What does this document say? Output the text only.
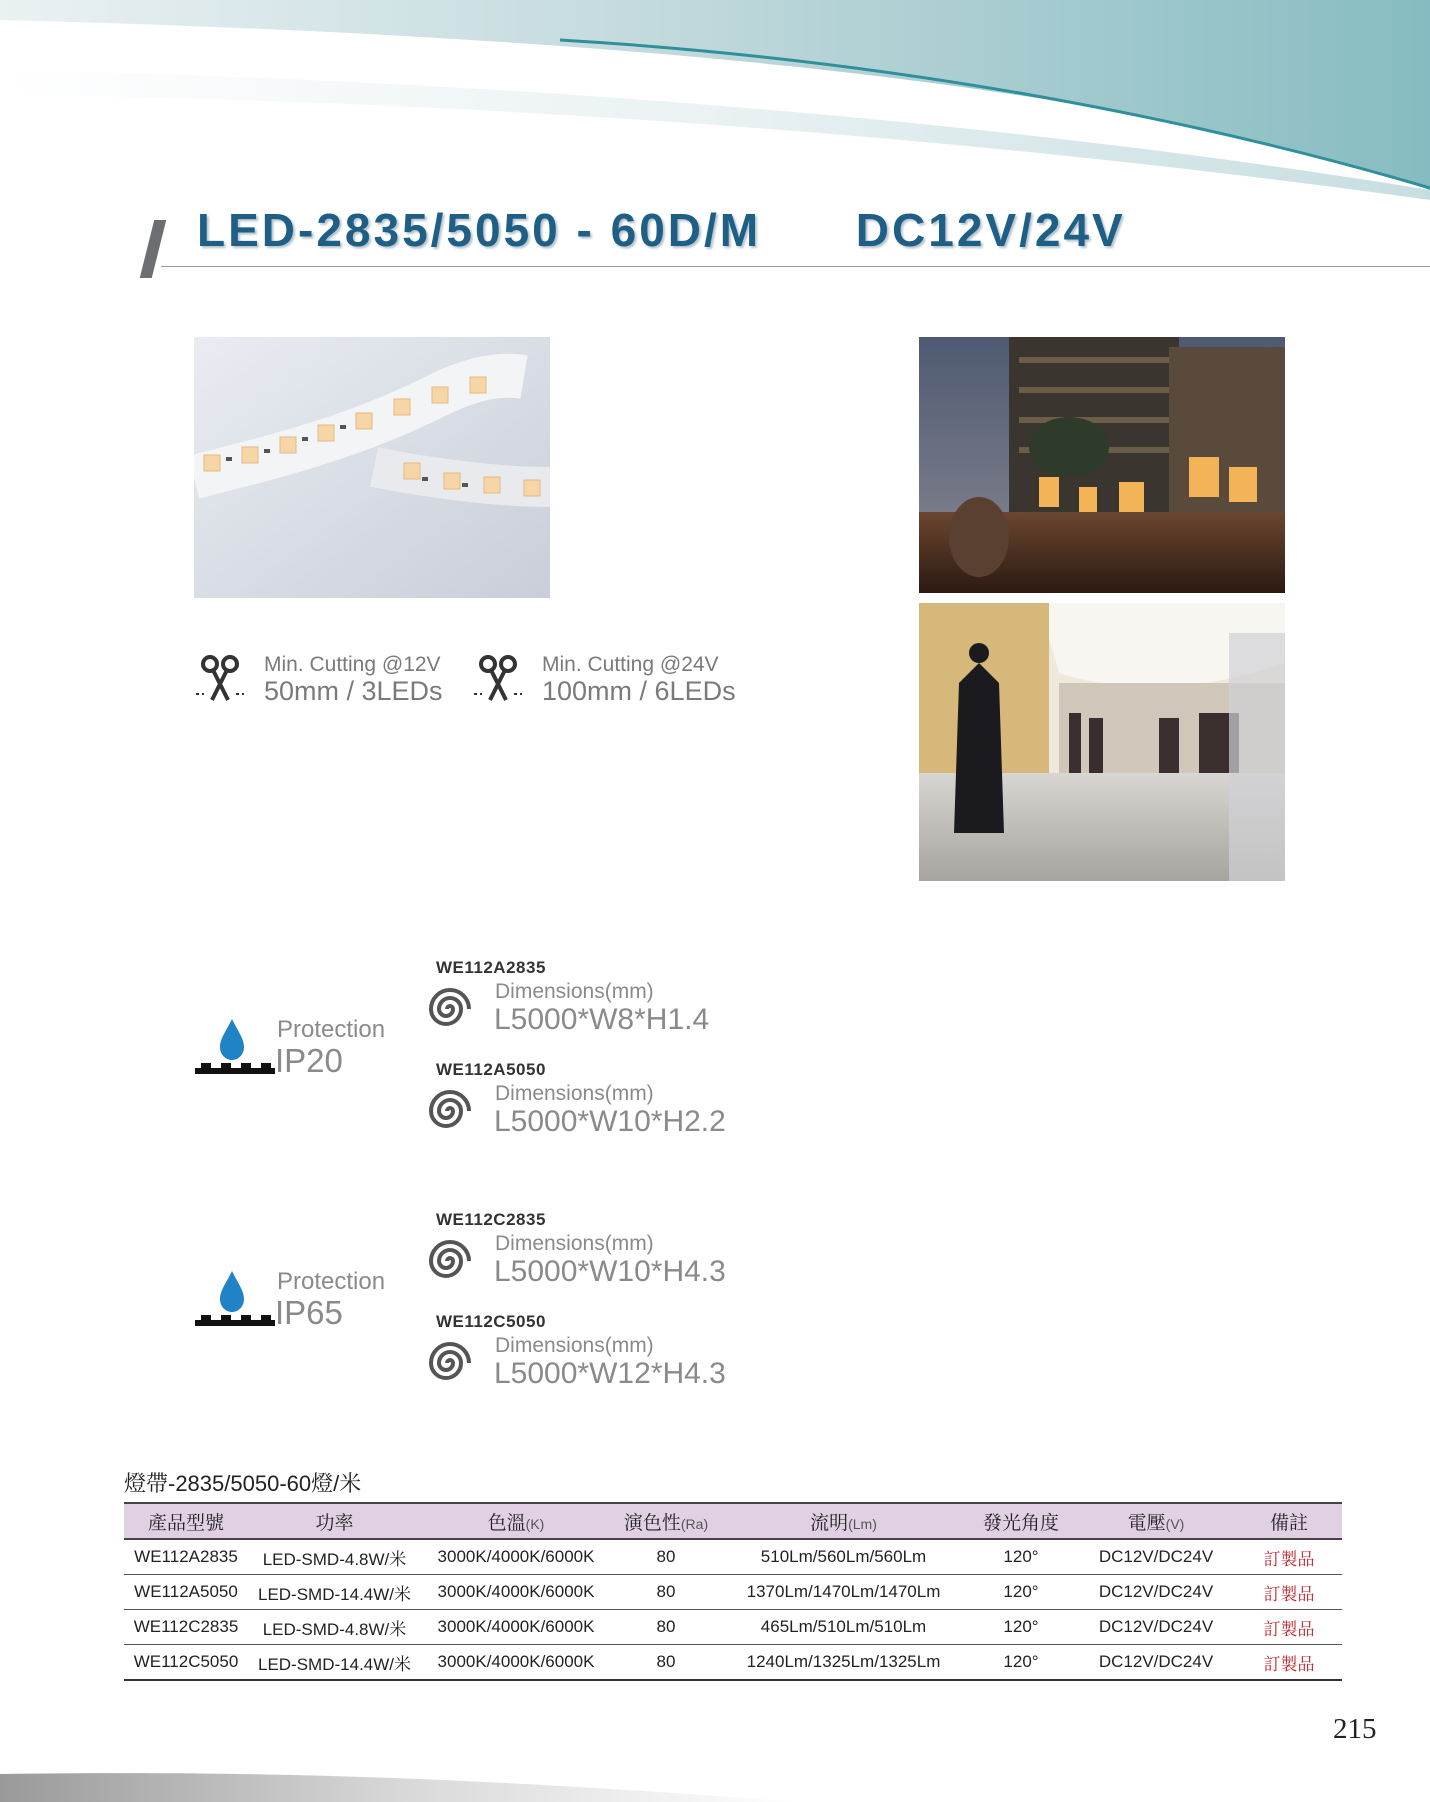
LED-2835/5050 - 60D/M      DC12V/24V
Min. Cutting @12V
50mm / 3LEDs
Min. Cutting @24V
100mm / 6LEDs
Protection
IP20
WE112A2835
Dimensions(mm)
L5000*W8*H1.4
WE112A5050
Dimensions(mm)
L5000*W10*H2.2
Protection
IP65
WE112C2835
Dimensions(mm)
L5000*W10*H4.3
WE112C5050
Dimensions(mm)
L5000*W12*H4.3
燈帶-2835/5050-60燈/米
產品型號	功率	色溫(K)	演色性(Ra)	流明(Lm)	發光角度	電壓(V)	備註
WE112A2835	LED-SMD-4.8W/米	3000K/4000K/6000K	80	510Lm/560Lm/560Lm	120°	DC12V/DC24V	訂製品
WE112A5050	LED-SMD-14.4W/米	3000K/4000K/6000K	80	1370Lm/1470Lm/1470Lm	120°	DC12V/DC24V	訂製品
WE112C2835	LED-SMD-4.8W/米	3000K/4000K/6000K	80	465Lm/510Lm/510Lm	120°	DC12V/DC24V	訂製品
WE112C5050	LED-SMD-14.4W/米	3000K/4000K/6000K	80	1240Lm/1325Lm/1325Lm	120°	DC12V/DC24V	訂製品
215
